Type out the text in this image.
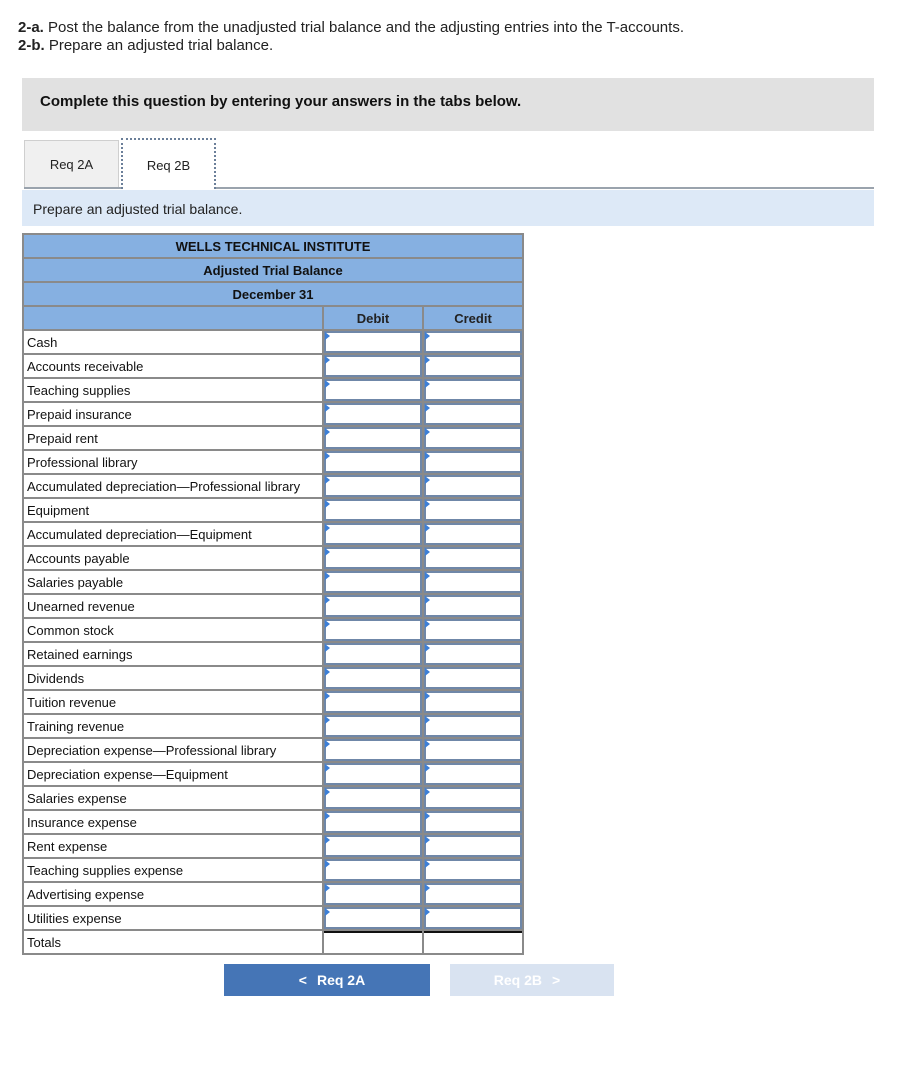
2-a. Post the balance from the unadjusted trial balance and the adjusting entries into the T-accounts.
2-b. Prepare an adjusted trial balance.
Complete this question by entering your answers in the tabs below.
Req 2A	Req 2B
Prepare an adjusted trial balance.
WELLS TECHNICAL INSTITUTE		
Adjusted Trial Balance		
December 31		
	Debit	Credit
Cash	

Accounts receivable	

Teaching supplies	

Prepaid insurance	

Prepaid rent	

Professional library	

Accumulated depreciation—Professional library	

Equipment	

Accumulated depreciation—Equipment	

Accounts payable	

Salaries payable	

Unearned revenue	

Common stock	

Retained earnings	

Dividends	

Tuition revenue	

Training revenue	

Depreciation expense—Professional library	

Depreciation expense—Equipment	

Salaries expense	

Insurance expense	

Rent expense	

Teaching supplies expense	

Advertising expense	

Utilities expense	

Totals	

< Req 2A	Req 2B >
